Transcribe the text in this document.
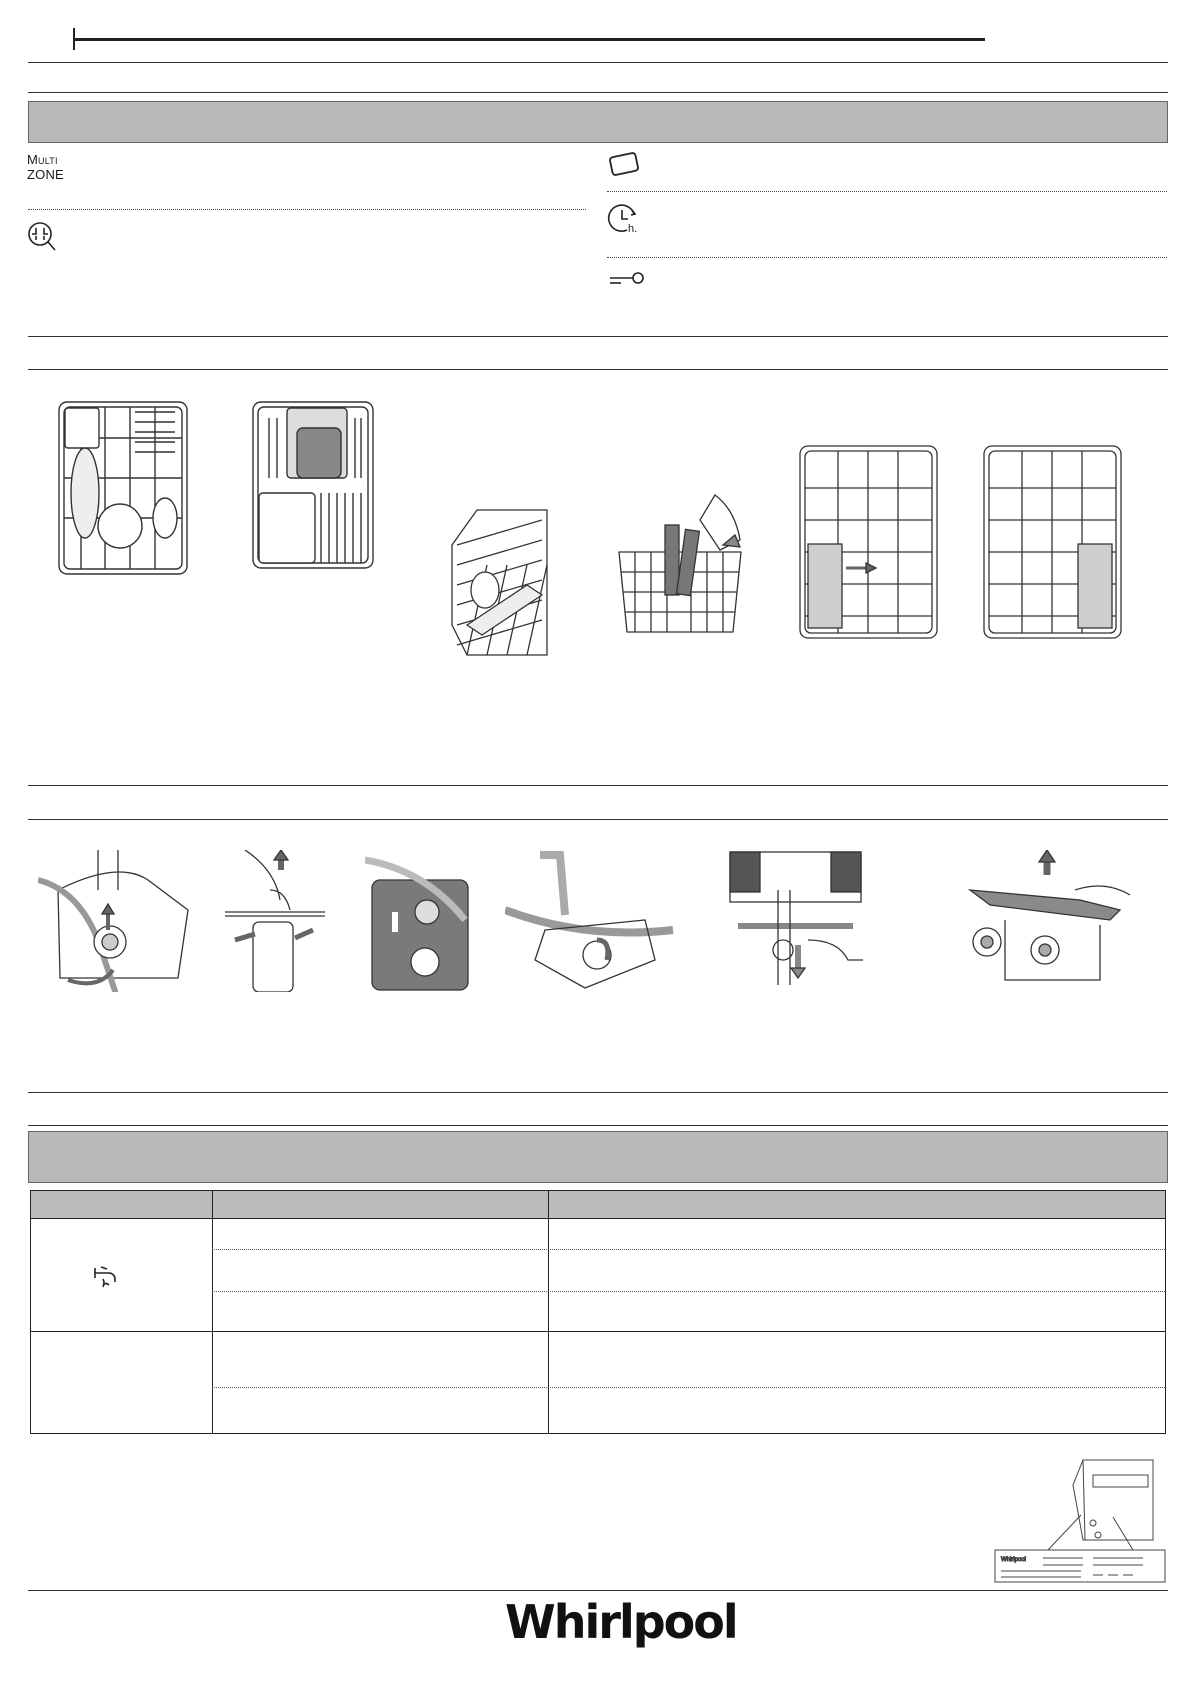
Multi
ZONE
h.
Whirlpool
Whirlpool
